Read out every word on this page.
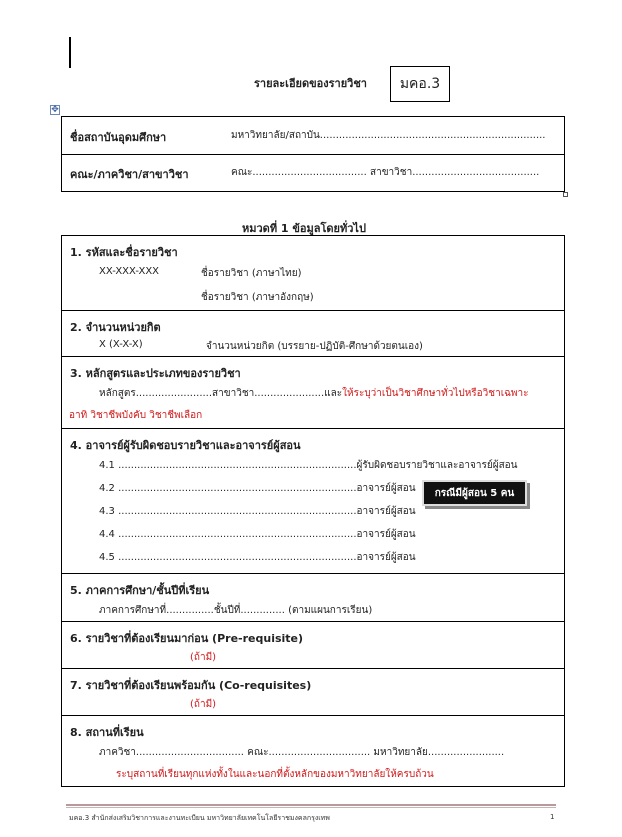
รายละเอียดของรายวิชา มคอ.3
✥
ชื่อสถาบันอุดมศึกษา	มหาวิทยาลัย/สถาบัน.......................................................................
คณะ/ภาควิชา/สาขาวิชา	คณะ.................................... สาขาวิชา........................................
หมวดที่ 1 ข้อมูลโดยทั่วไป
1. รหัสและชื่อรายวิชา
XX-XXX-XXX	ชื่อรายวิชา (ภาษาไทย)
ชื่อรายวิชา (ภาษาอังกฤษ)
2. จำนวนหน่วยกิต
X (X-X-X)	จำนวนหน่วยกิต (บรรยาย-ปฏิบัติ-ศึกษาด้วยตนเอง)
3. หลักสูตรและประเภทของรายวิชา
หลักสูตร........................สาขาวิชา......................และให้ระบุว่าเป็นวิชาศึกษาทั่วไปหรือวิชาเฉพาะ
อาทิ วิชาชีพบังคับ วิชาชีพเลือก
4. อาจารย์ผู้รับผิดชอบรายวิชาและอาจารย์ผู้สอน
4.1 ...........................................................................ผู้รับผิดชอบรายวิชาและอาจารย์ผู้สอน
4.2 ...........................................................................อาจารย์ผู้สอน
4.3 ...........................................................................อาจารย์ผู้สอน
4.4 ...........................................................................อาจารย์ผู้สอน
4.5 ...........................................................................อาจารย์ผู้สอน
5. ภาคการศึกษา/ชั้นปีที่เรียน
ภาคการศึกษาที่...............ชั้นปีที่.............. (ตามแผนการเรียน)
6. รายวิชาที่ต้องเรียนมาก่อน (Pre-requisite)
(ถ้ามี)
7. รายวิชาที่ต้องเรียนพร้อมกัน (Co-requisites)
(ถ้ามี)
8. สถานที่เรียน
ภาควิชา.................................. คณะ................................ มหาวิทยาลัย........................
ระบุสถานที่เรียนทุกแห่งทั้งในและนอกที่ตั้งหลักของมหาวิทยาลัยให้ครบถ้วน
กรณีมีผู้สอน 5 คน
มคอ.3 สำนักส่งเสริมวิชาการและงานทะเบียน มหาวิทยาลัยเทคโนโลยีราชมงคลกรุงเทพ	1
